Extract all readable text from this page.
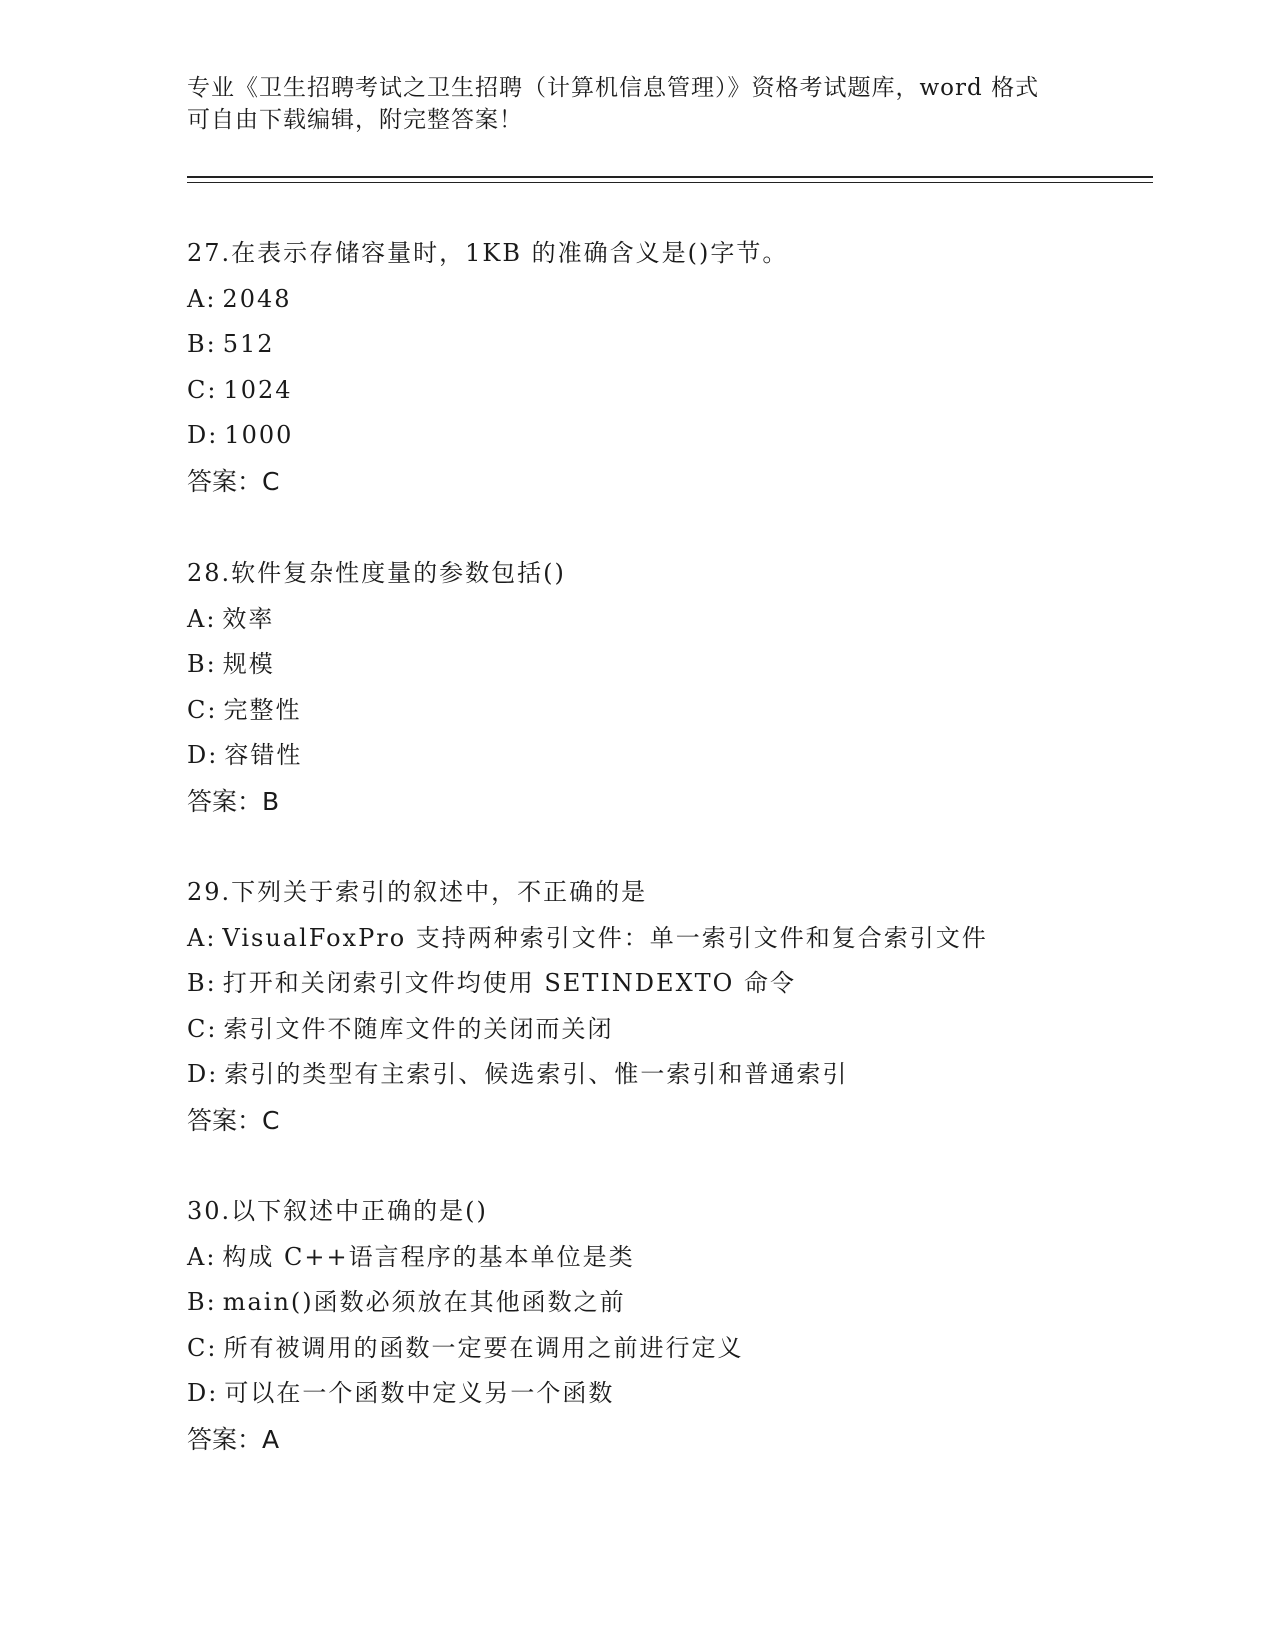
专业《卫生招聘考试之卫生招聘（计算机信息管理）》资格考试题库，word 格式
可自由下载编辑，附完整答案！
27.在表示存储容量时，1KB 的准确含义是()字节。
A: 2048
B: 512
C: 1024
D: 1000
答案：C
28.软件复杂性度量的参数包括()
A: 效率
B: 规模
C: 完整性
D: 容错性
答案：B
29.下列关于索引的叙述中，不正确的是
A: VisualFoxPro 支持两种索引文件：单一索引文件和复合索引文件
B: 打开和关闭索引文件均使用 SETINDEXTO 命令
C: 索引文件不随库文件的关闭而关闭
D: 索引的类型有主索引、候选索引、惟一索引和普通索引
答案：C
30.以下叙述中正确的是()
A: 构成 C++语言程序的基本单位是类
B: main()函数必须放在其他函数之前
C: 所有被调用的函数一定要在调用之前进行定义
D: 可以在一个函数中定义另一个函数
答案：A
